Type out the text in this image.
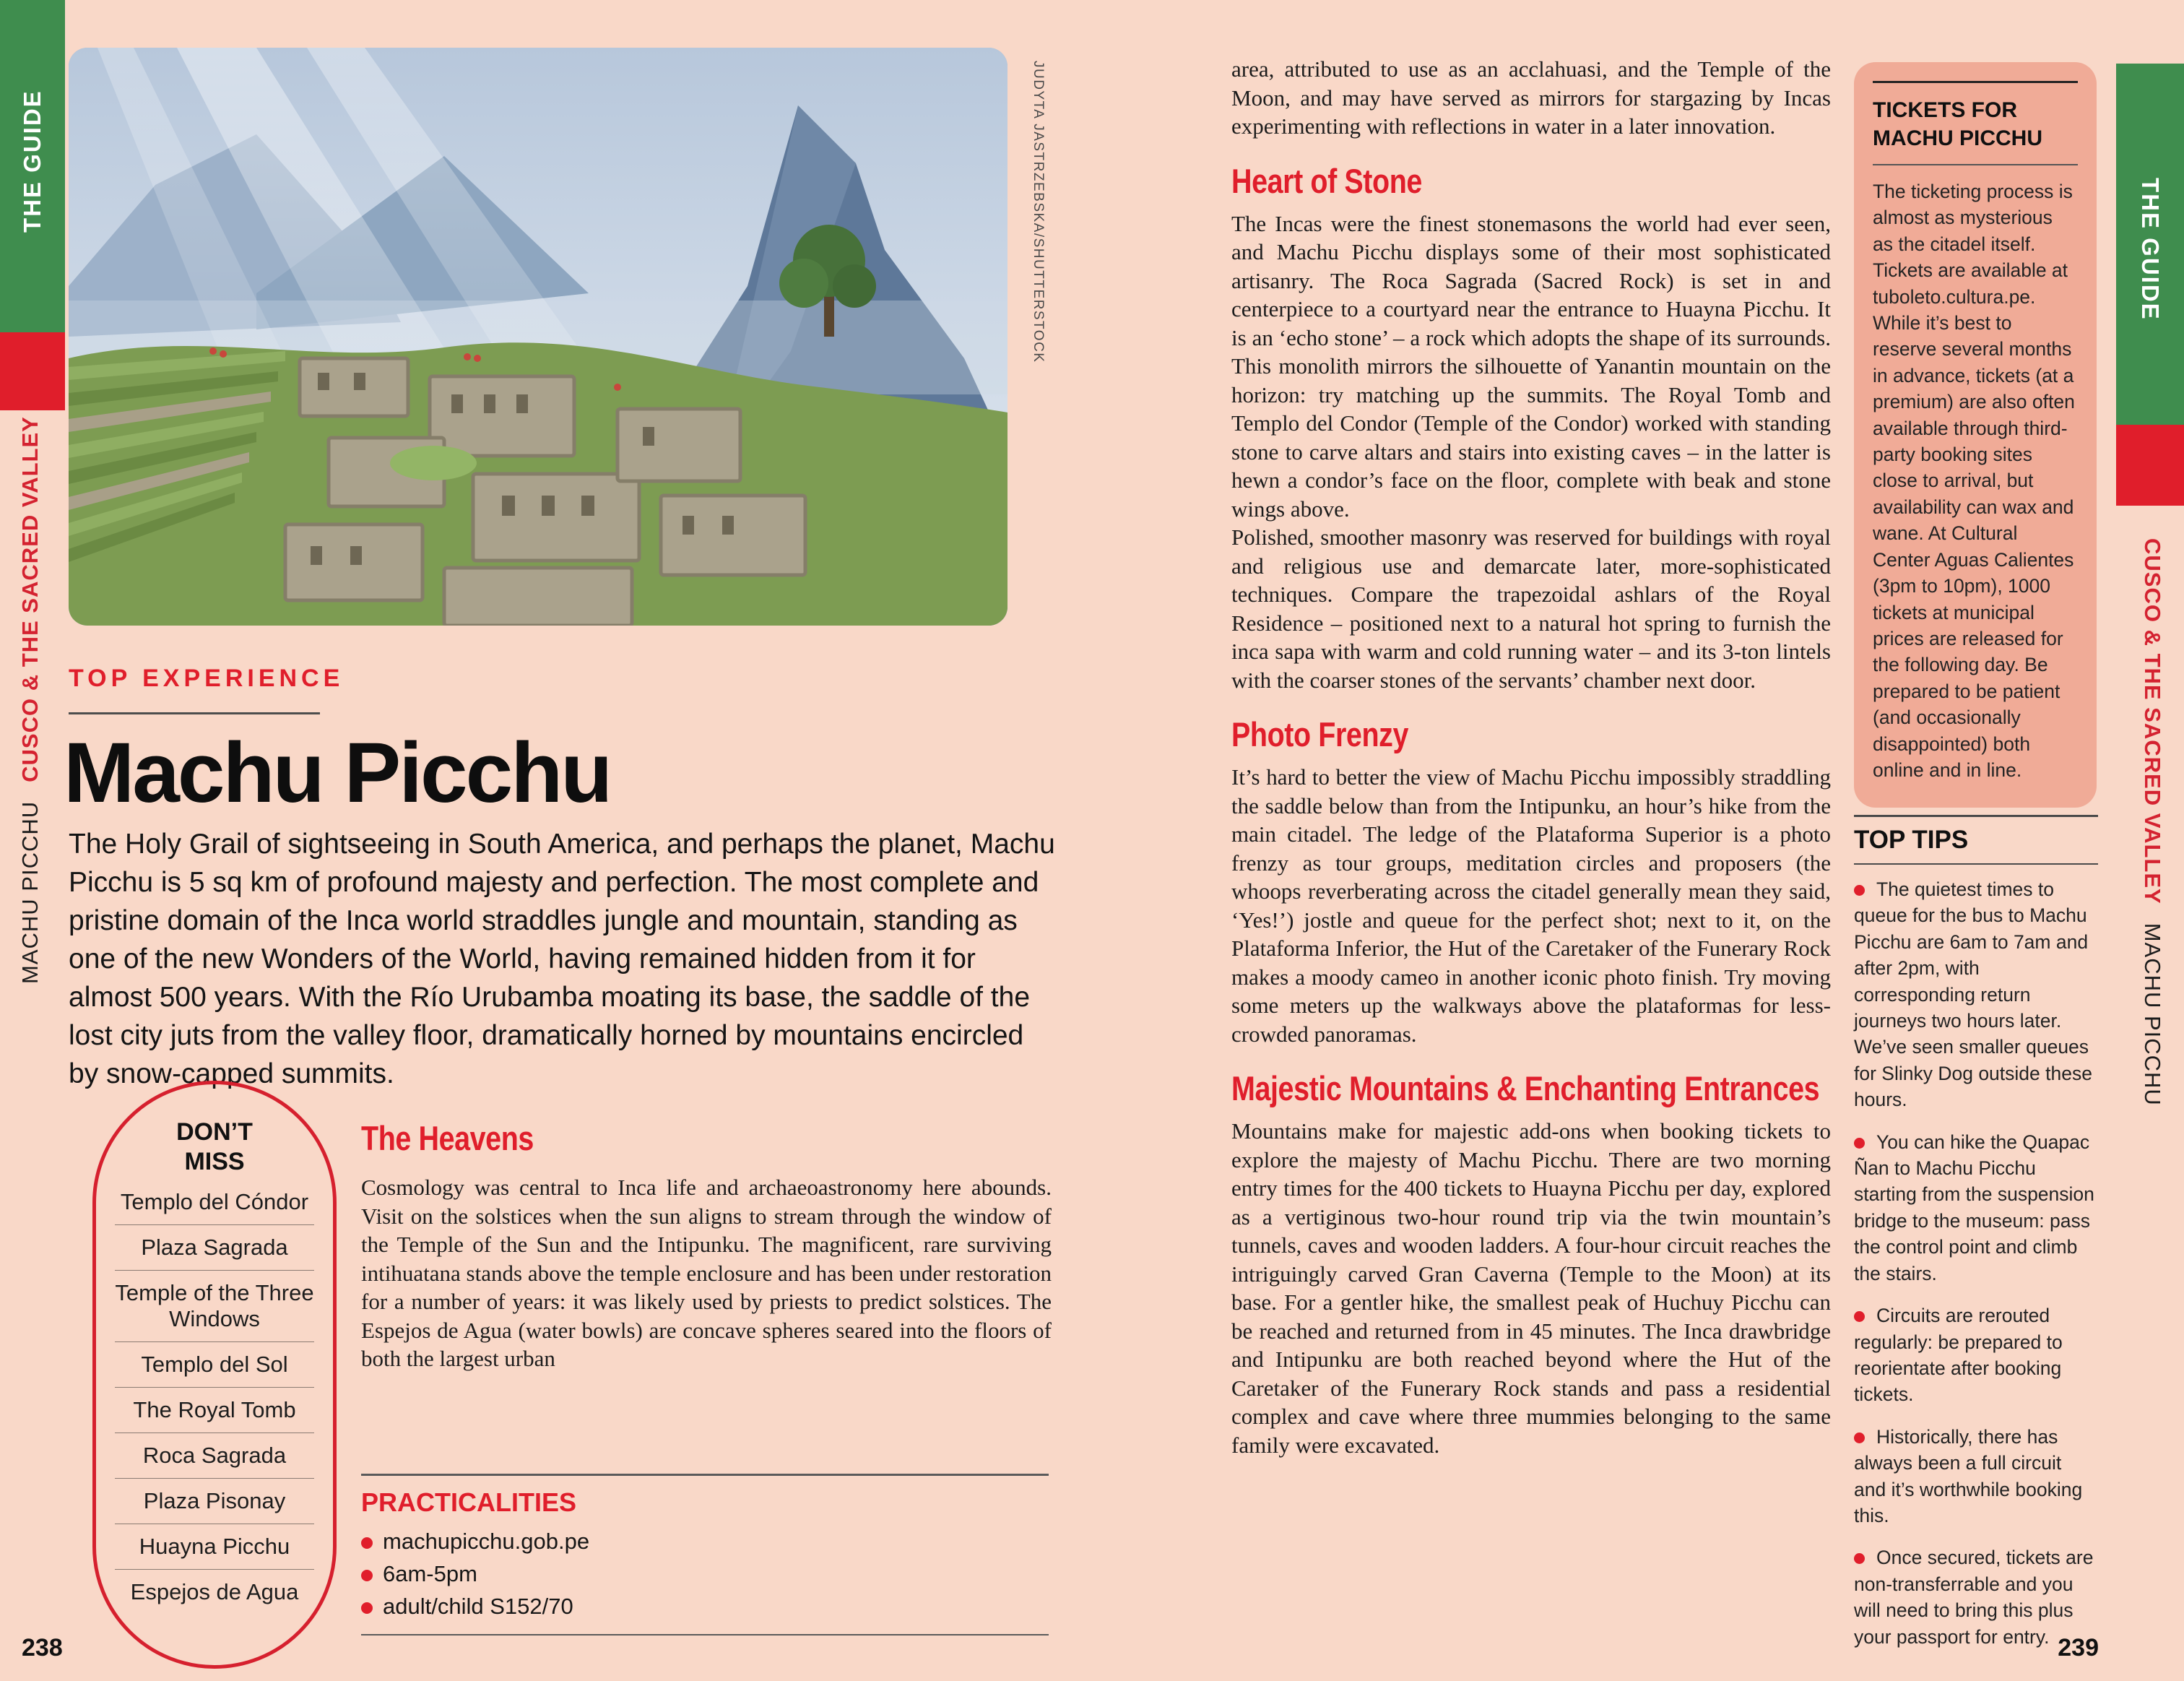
THE GUIDE
MACHU PICCHUCUSCO & THE SACRED VALLEY
JUDYTA JASTRZEBSKA/SHUTTERSTOCK
TOP EXPERIENCE
Machu Picchu

The Holy Grail of sightseeing in South America, and perhaps the planet, Machu Picchu is 5 sq km of profound majesty and perfection. The most complete and pristine domain of the Inca world straddles jungle and mountain, standing as one of the new Wonders of the World, having remained hidden from it for almost 500 years. With the Río Urubamba moating its base, the saddle of the lost city juts from the valley floor, dramatically horned by mountains encircled by snow-capped summits.

DON’T MISS
Templo del Cóndor
Plaza Sagrada
Temple of the Three Windows
Templo del Sol
The Royal Tomb
Roca Sagrada
Plaza Pisonay
Huayna Picchu
Espejos de Agua
The Heavens

Cosmology was central to Inca life and archaeoastronomy here abounds. Visit on the solstices when the sun aligns to stream through the window of the Temple of the Sun and the Intipunku. The magnificent, rare surviving intihuatana stands above the temple enclosure and has been under restoration for a number of years: it was likely used by priests to predict solstices. The Espejos de Agua (water bowls) are concave spheres seared into the floors of both the largest urban

PRACTICALITIES
machupicchu.gob.pe
6am-5pm
adult/child S152/70
238

area, attributed to use as an acclahuasi, and the Temple of the Moon, and may have served as mirrors for stargazing by Incas experimenting with reflections in water in a later innovation.

Heart of Stone

The Incas were the finest stonemasons the world had ever seen, and Machu Picchu displays some of their most sophisticated artisanry. The Roca Sagrada (Sacred Rock) is set in and centerpiece to a courtyard near the entrance to Huayna Picchu. It is an ‘echo stone’ – a rock which adopts the shape of its surrounds. This monolith mirrors the silhouette of Yanantin mountain on the horizon: try matching up the summits. The Royal Tomb and Templo del Condor (Temple of the Condor) worked with standing stone to carve altars and stairs into existing caves – in the latter is hewn a condor’s face on the floor, complete with beak and stone wings above.

Polished, smoother masonry was reserved for buildings with royal and religious use and demarcate later, more-sophisticated techniques. Compare the trapezoidal ashlars of the Royal Residence – positioned next to a natural hot spring to furnish the inca sapa with warm and cold running water – and its 3-ton lintels with the coarser stones of the servants’ chamber next door.

Photo Frenzy

It’s hard to better the view of Machu Picchu impossibly straddling the saddle below than from the Intipunku, an hour’s hike from the main citadel. The ledge of the Plataforma Superior is a photo frenzy as tour groups, meditation circles and proposers (the whoops reverberating across the citadel generally mean they said, ‘Yes!’) jostle and queue for the perfect shot; next to it, on the Plataforma Inferior, the Hut of the Caretaker of the Funerary Rock makes a moody cameo in another iconic photo finish. Try moving some meters up the walkways above the plataformas for less-crowded panoramas.

Majestic Mountains & Enchanting Entrances

Mountains make for majestic add-ons when booking tickets to explore the majesty of Machu Picchu. There are two morning entry times for the 400 tickets to Huayna Picchu per day, explored as a vertiginous two-hour round trip via the twin mountain’s tunnels, caves and wooden ladders. A four-hour circuit reaches the intriguingly carved Gran Caverna (Temple to the Moon) at its base. For a gentler hike, the smallest peak of Huchuy Picchu can be reached and returned from in 45 minutes. The Inca drawbridge and Intipunku are both reached beyond where the Hut of the Caretaker of the Funerary Rock stands and pass a residential complex and cave where three mummies belonging to the same family were excavated.

TICKETS FOR MACHU PICCHU

The ticketing process is almost as mysterious as the citadel itself. Tickets are available at tuboleto.cultura.pe. While it’s best to reserve several months in advance, tickets (at a premium) are also often available through third-party booking sites close to arrival, but availability can wax and wane. At Cultural Center Aguas Calientes (3pm to 10pm), 1000 tickets at municipal prices are released for the following day. Be prepared to be patient (and occasionally disappointed) both online and in line.

TOP TIPS

The quietest times to queue for the bus to Machu Picchu are 6am to 7am and after 2pm, with corresponding return journeys two hours later. We’ve seen smaller queues for Slinky Dog outside these hours.

You can hike the Quapac Ñan to Machu Picchu starting from the suspension bridge to the museum: pass the control point and climb the stairs.

Circuits are rerouted regularly: be prepared to reorientate after booking tickets.

Historically, there has always been a full circuit and it’s worthwhile booking this.

Once secured, tickets are non-transferrable and you will need to bring this plus your passport for entry. 239
THE GUIDE
CUSCO & THE SACRED VALLEYMACHU PICCHU
